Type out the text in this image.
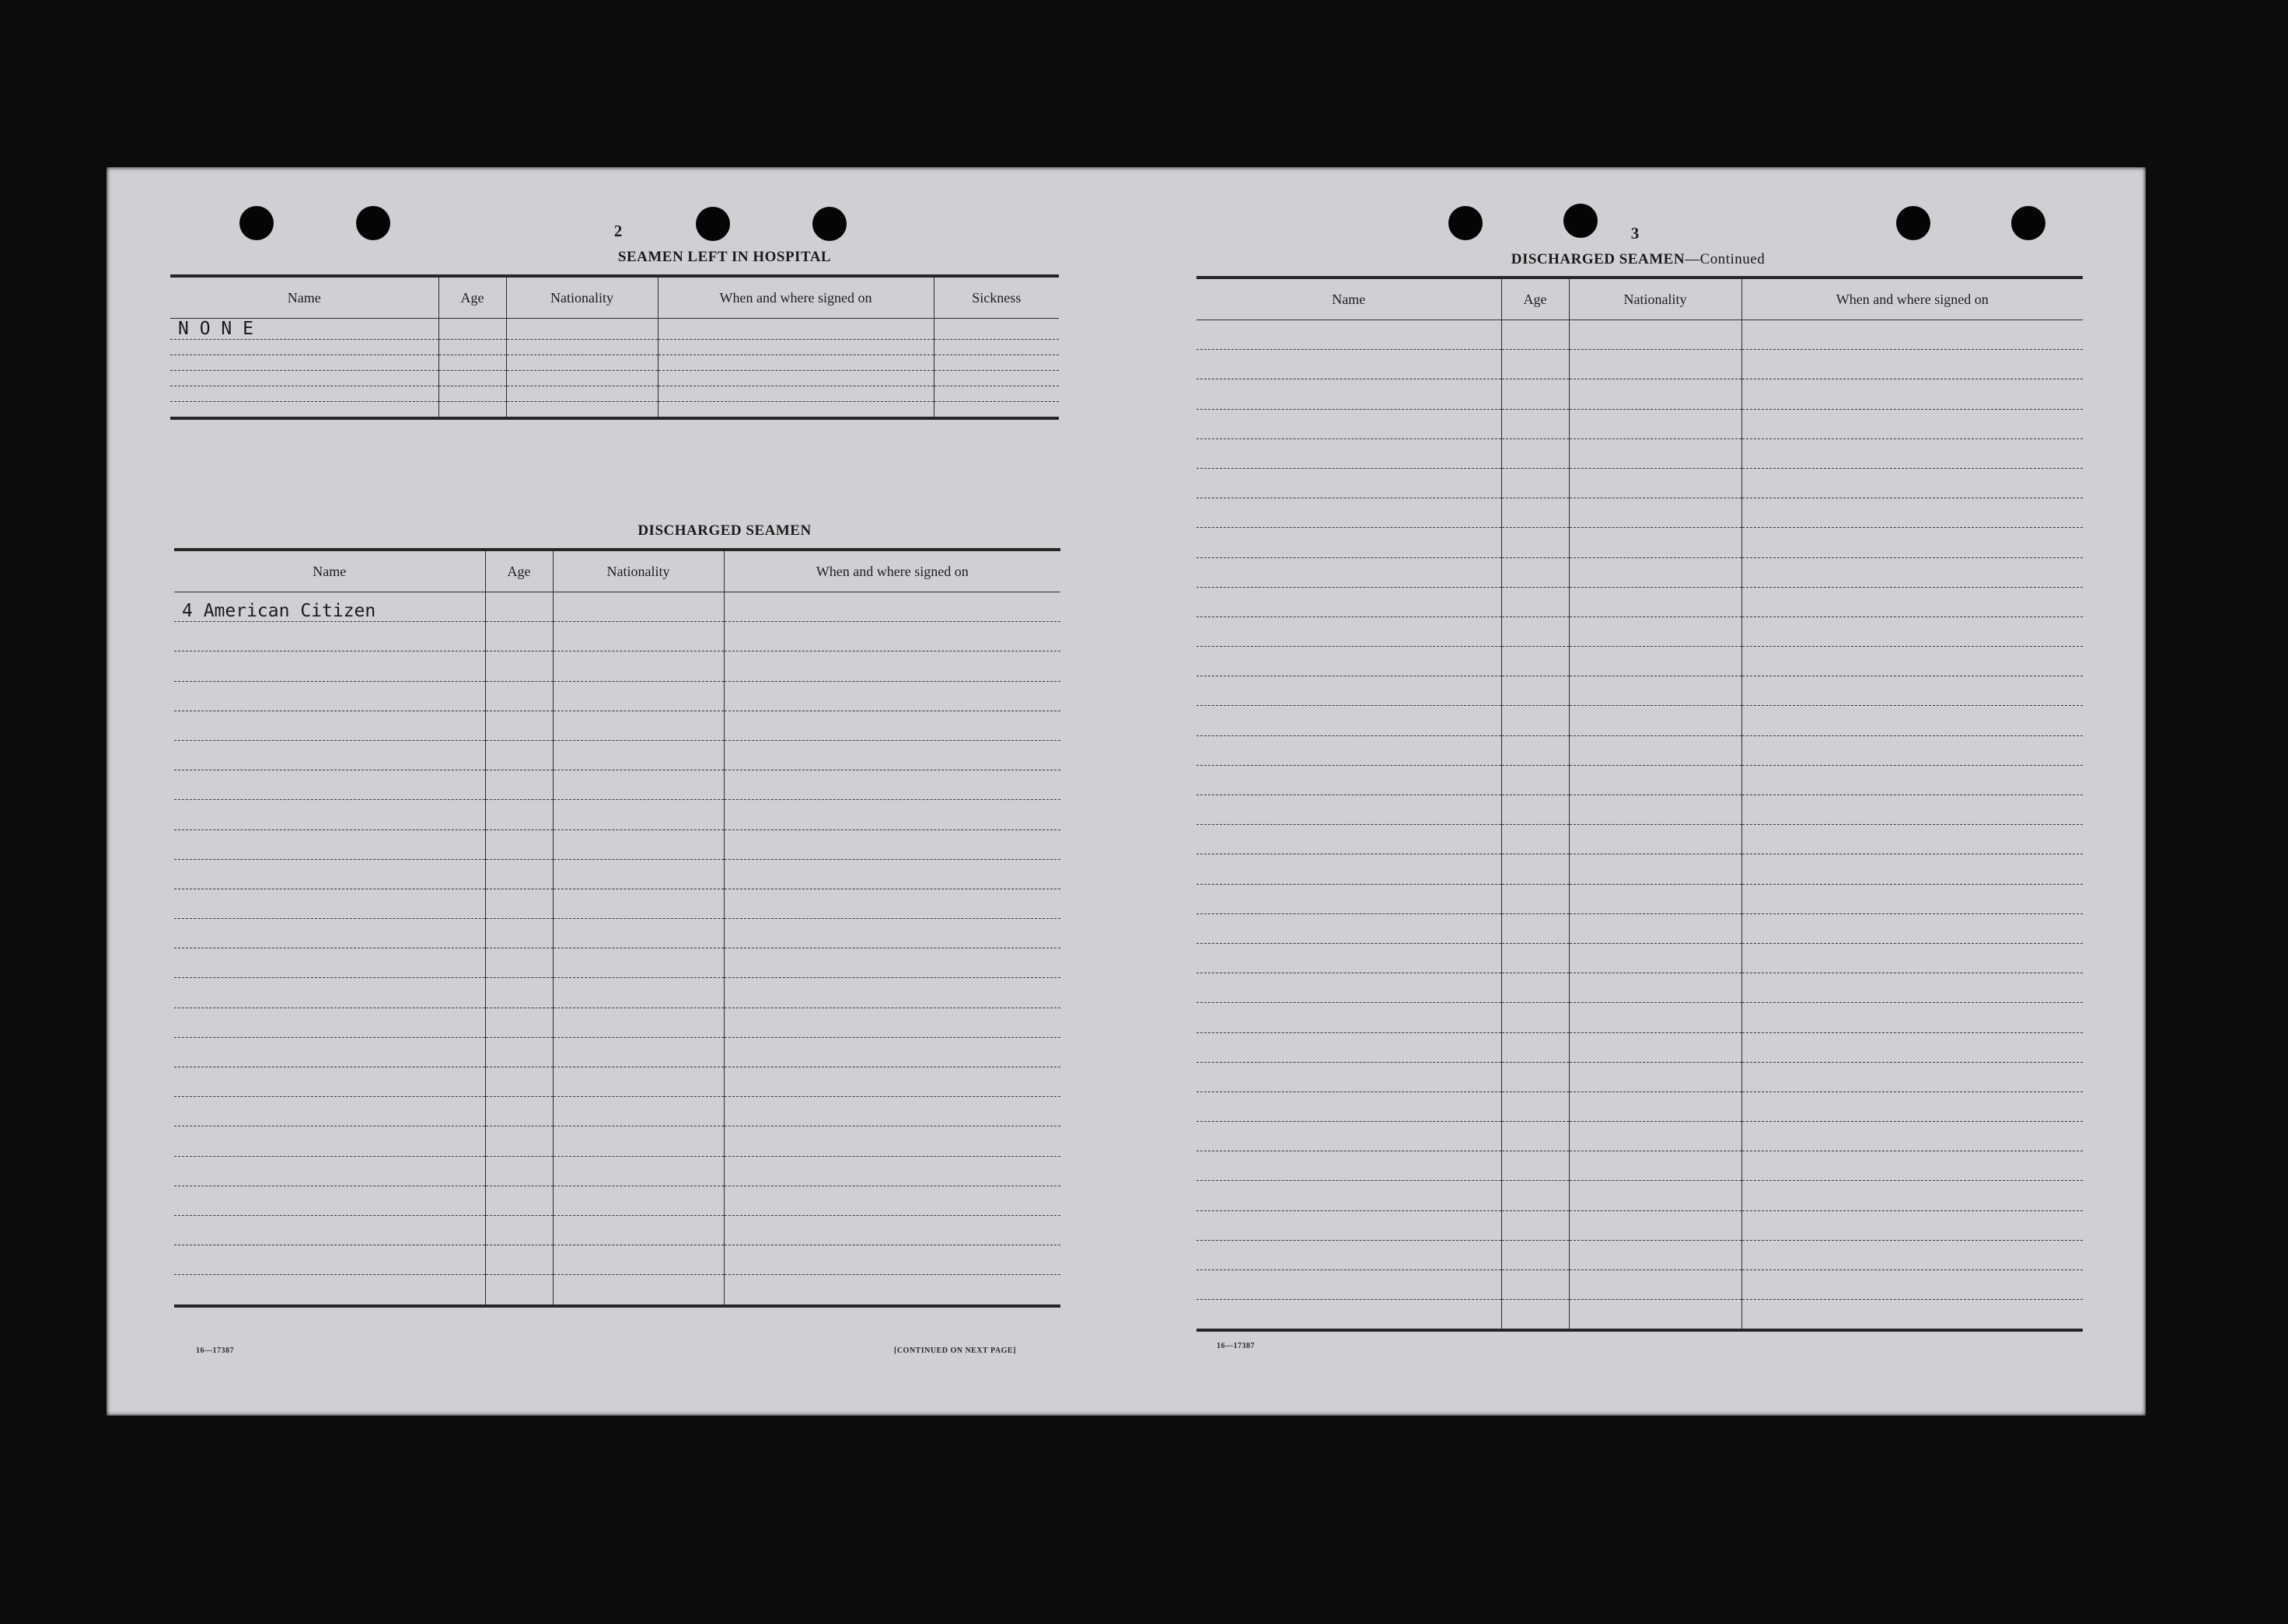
2
SEAMEN LEFT IN HOSPITAL

Name	Age	Nationality	When and where signed on	Sickness
N O N E				

DISCHARGED SEAMEN

Name	Age	Nationality	When and where signed on
4 American Citizen			

16—17387	[CONTINUED ON NEXT PAGE]
3
DISCHARGED SEAMEN—Continued

Name	Age	Nationality	When and where signed on

16—17387
